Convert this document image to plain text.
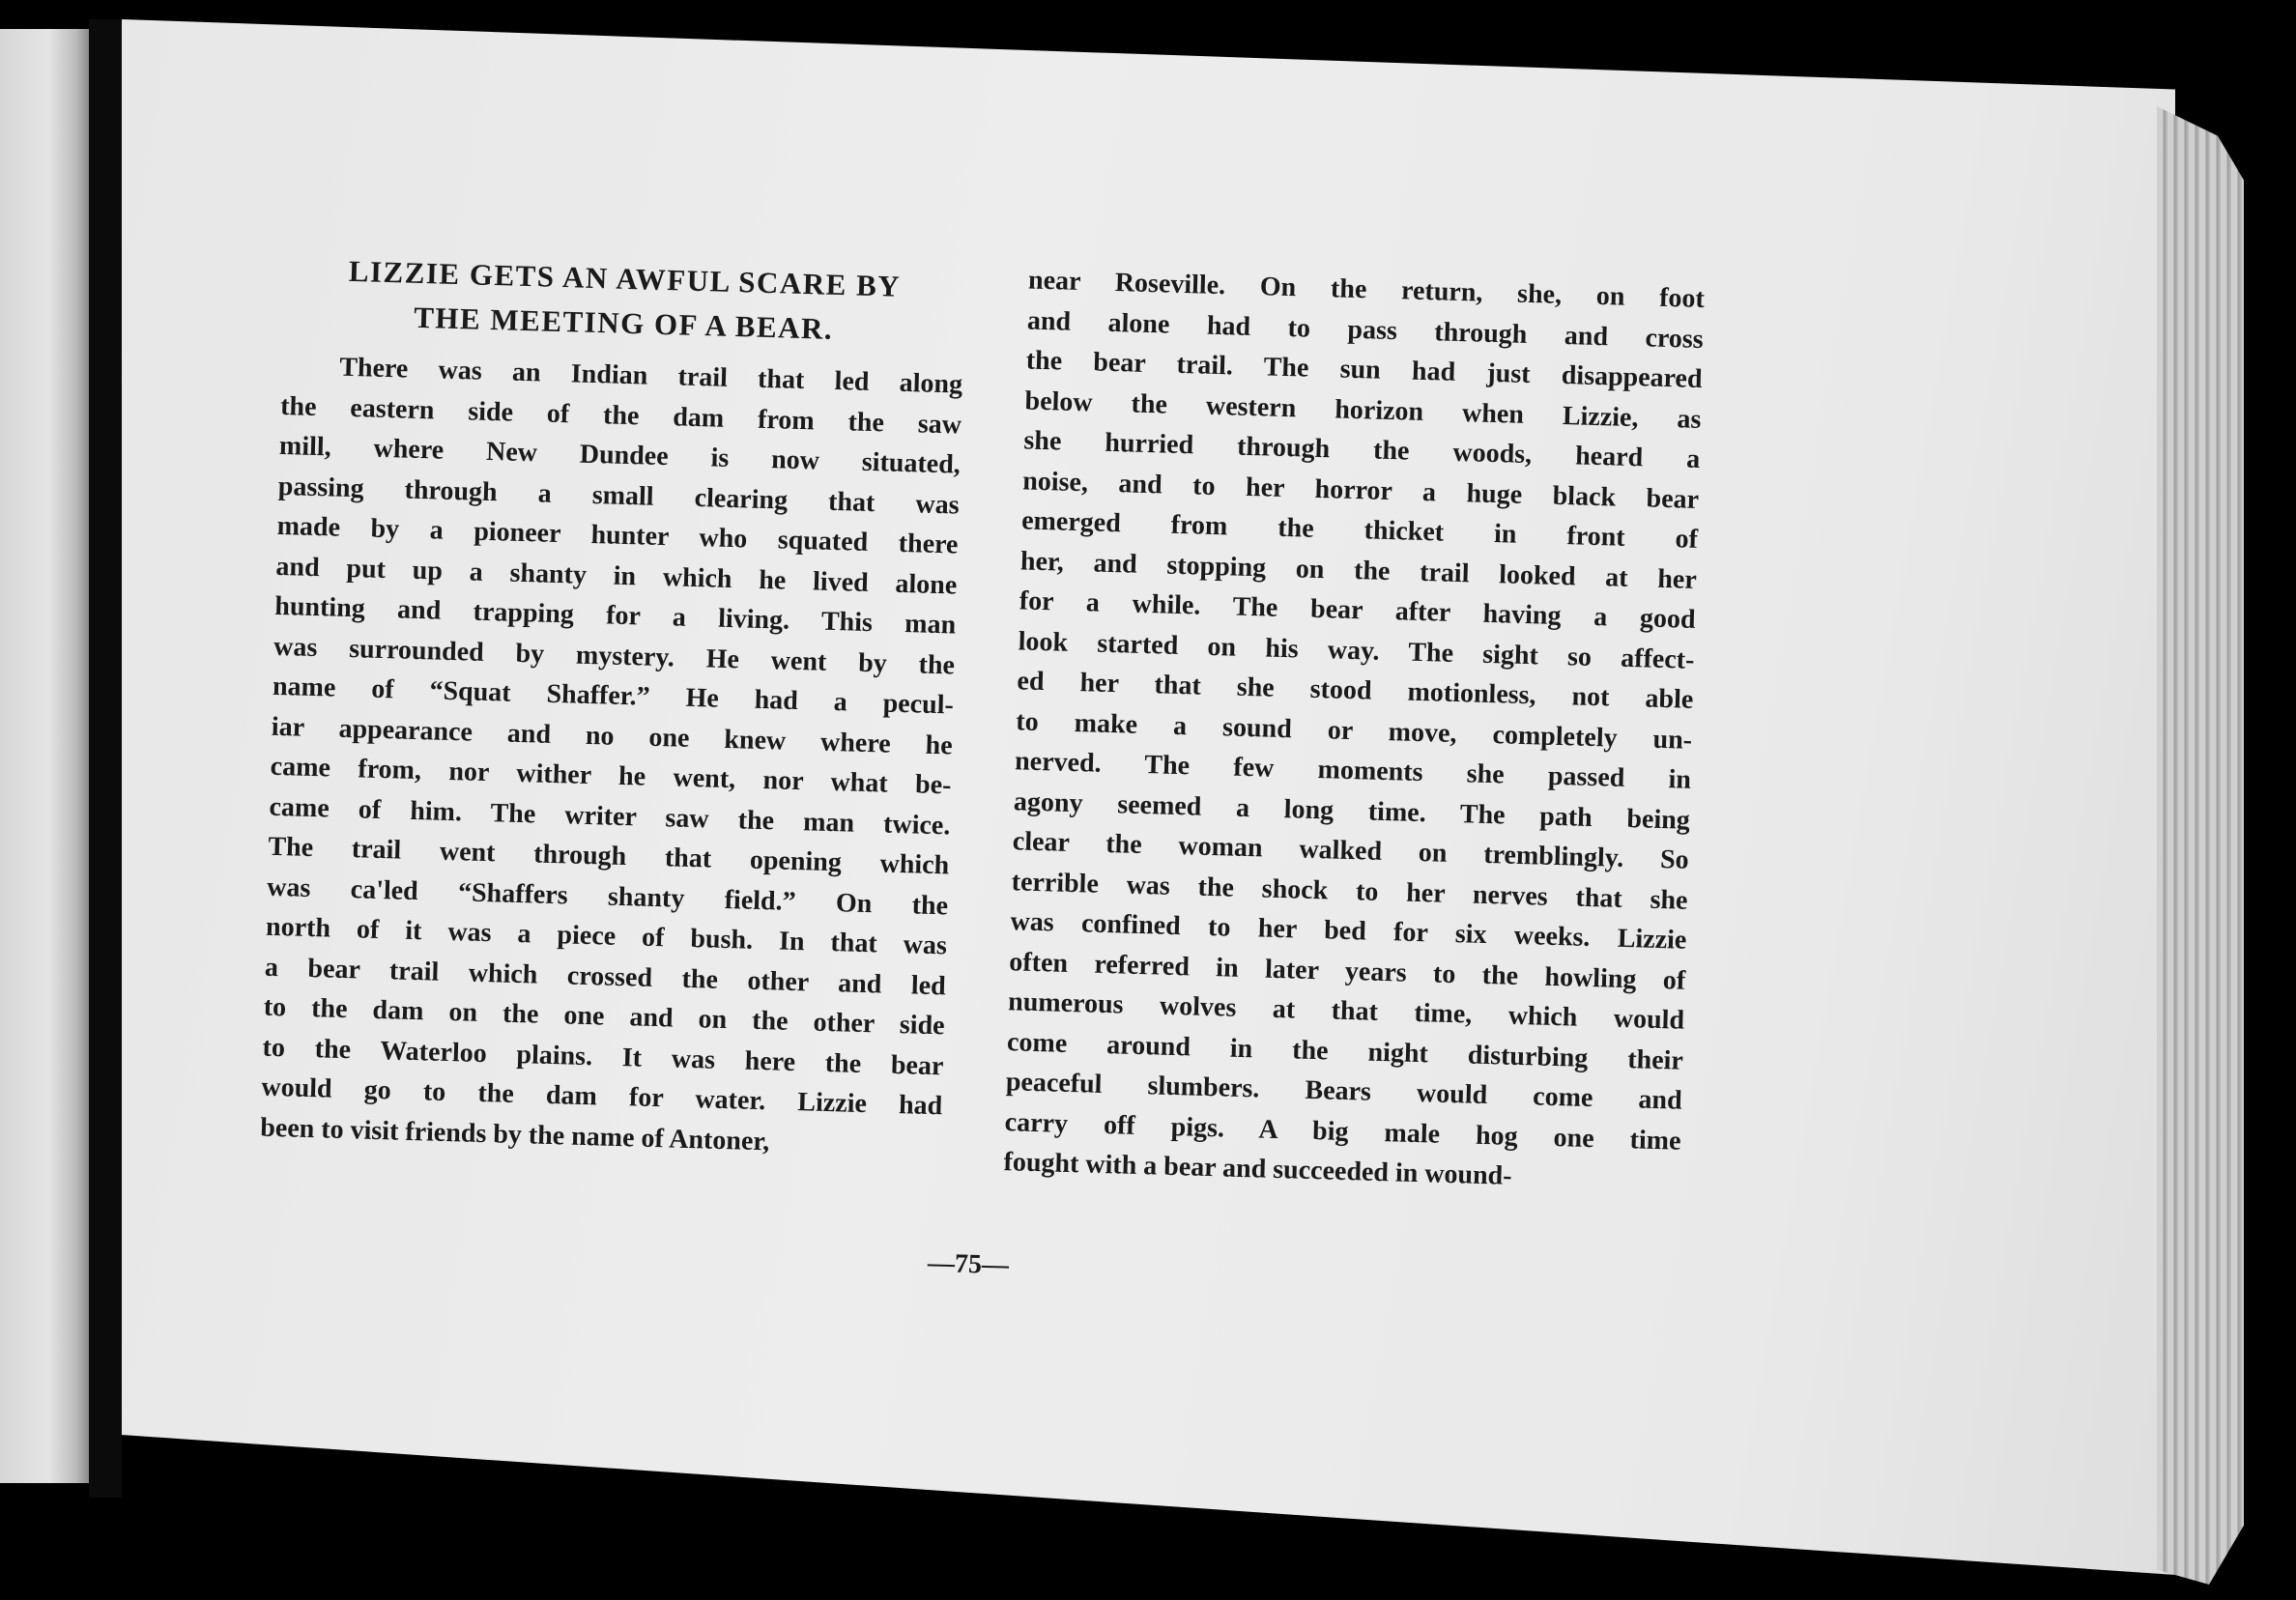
LIZZIE GETS AN AWFUL SCARE BY
THE MEETING OF A BEAR.
There was an Indian trail that led along
the eastern side of the dam from the saw
mill, where New Dundee is now situated,
passing through a small clearing that was
made by a pioneer hunter who squated there
and put up a shanty in which he lived alone
hunting and trapping for a living. This man
was surrounded by mystery. He went by the
name of “Squat Shaffer.” He had a pecul-
iar appearance and no one knew where he
came from, nor wither he went, nor what be-
came of him. The writer saw the man twice.
The trail went through that opening which
was ca'led “Shaffers shanty field.” On the
north of it was a piece of bush. In that was
a bear trail which crossed the other and led
to the dam on the one and on the other side
to the Waterloo plains. It was here the bear
would go to the dam for water. Lizzie had
been to visit friends by the name of Antoner,
near Roseville. On the return, she, on foot
and alone had to pass through and cross
the bear trail. The sun had just disappeared
below the western horizon when Lizzie, as
she hurried through the woods, heard a
noise, and to her horror a huge black bear
emerged from the thicket in front of
her, and stopping on the trail looked at her
for a while. The bear after having a good
look started on his way. The sight so affect-
ed her that she stood motionless, not able
to make a sound or move, completely un-
nerved. The few moments she passed in
agony seemed a long time. The path being
clear the woman walked on tremblingly. So
terrible was the shock to her nerves that she
was confined to her bed for six weeks. Lizzie
often referred in later years to the howling of
numerous wolves at that time, which would
come around in the night disturbing their
peaceful slumbers. Bears would come and
carry off pigs. A big male hog one time
fought with a bear and succeeded in wound-
—75—
